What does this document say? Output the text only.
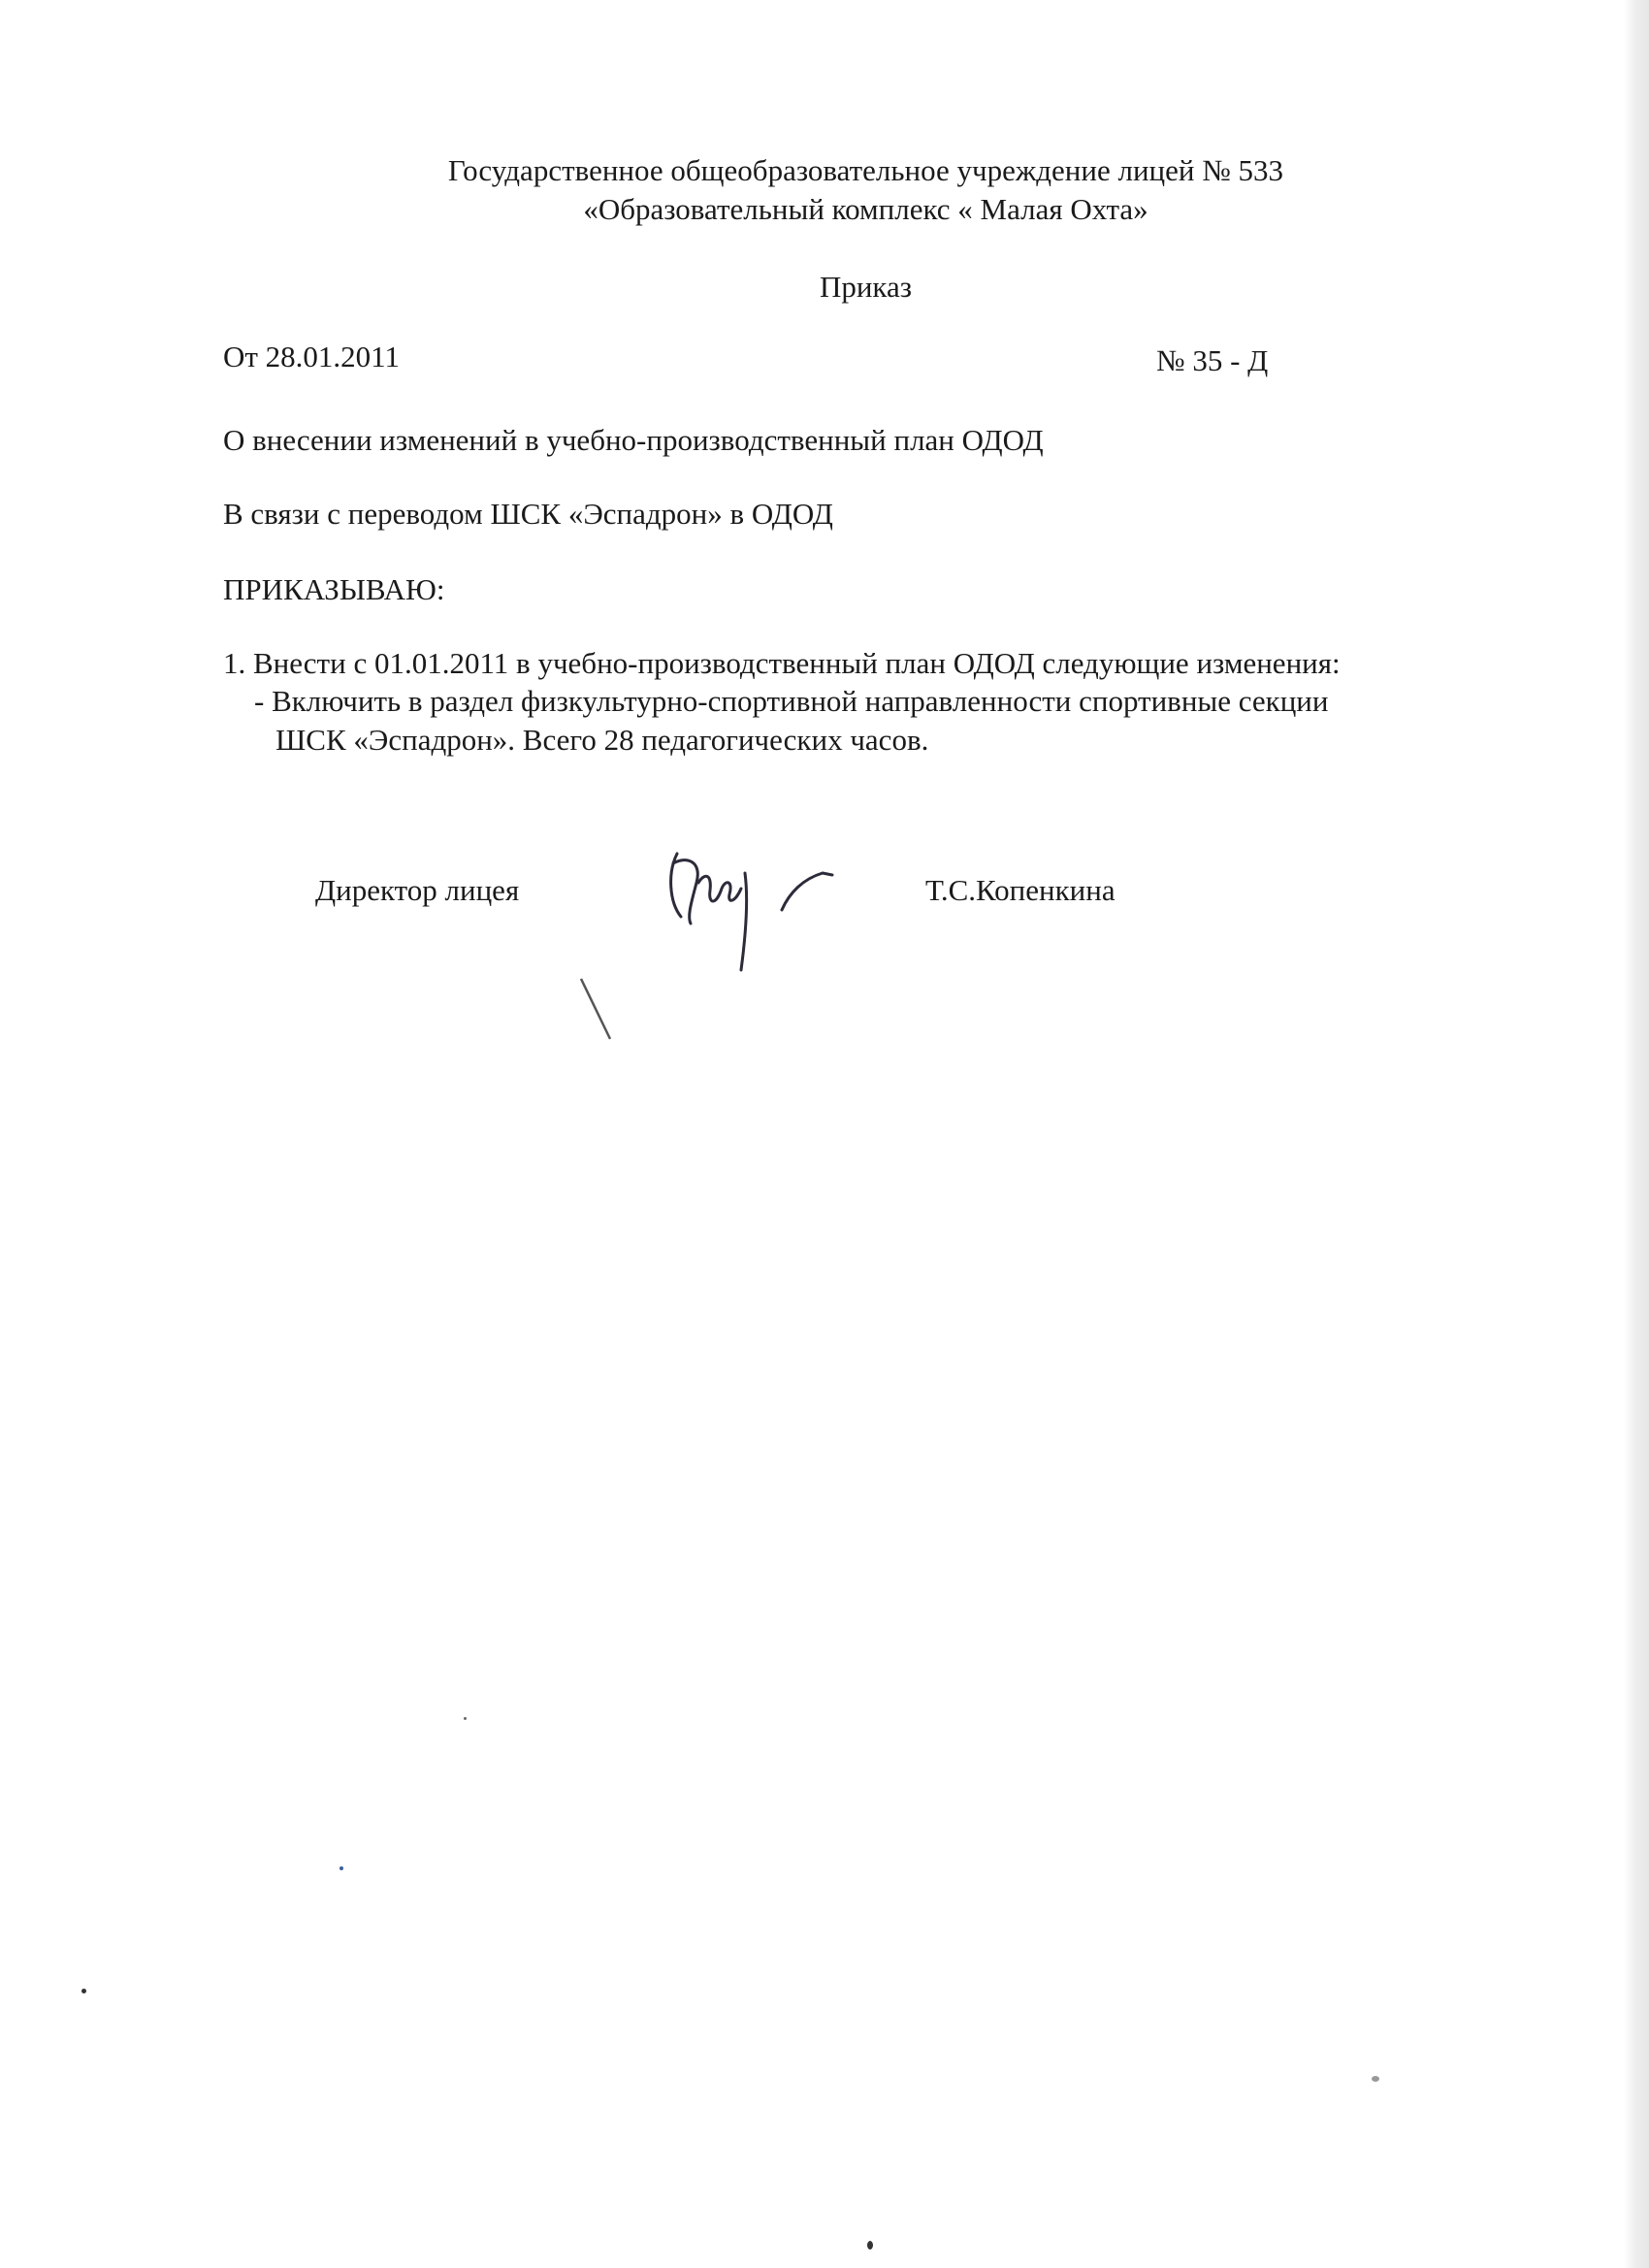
Государственное общеобразовательное учреждение лицей № 533

«Образовательный комплекс « Малая Охта»

Приказ

От 28.01.2011	№ 35 - Д

О внесении изменений в учебно-производственный план ОДОД

В связи с переводом ШСК «Эспадрон» в ОДОД

ПРИКАЗЫВАЮ:

1. Внести с 01.01.2011 в учебно-производственный план ОДОД следующие изменения:

- Включить в раздел физкультурно-спортивной направленности спортивные секции

ШСК «Эспадрон». Всего 28 педагогических часов.

Директор лицея	Т.С.Копенкина
